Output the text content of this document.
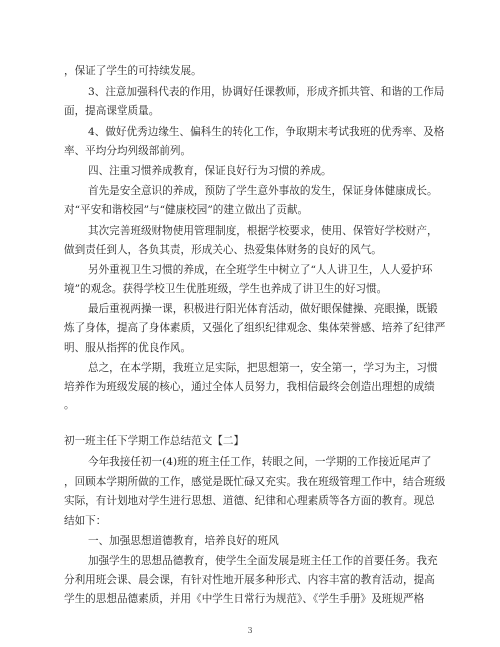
，保证了学生的可持续发展。
3、注意加强科代表的作用，协调好任课教师，形成齐抓共管、和谐的工作局
面，提高课堂质量。
4、做好优秀边缘生、偏科生的转化工作，争取期末考试我班的优秀率、及格
率、平均分均列级部前列。
四、注重习惯养成教育，保证良好行为习惯的养成。
首先是安全意识的养成，预防了学生意外事故的发生，保证身体健康成长。
对“平安和谐校园”与“健康校园”的建立做出了贡献。
其次完善班级财物使用管理制度，根据学校要求，使用、保管好学校财产，
做到责任到人，各负其责，形成关心、热爱集体财务的良好的风气。
另外重视卫生习惯的养成，在全班学生中树立了“人人讲卫生，人人爱护环
境”的观念。获得学校卫生优胜班级，学生也养成了讲卫生的好习惯。
最后重视两操一课，积极进行阳光体育活动，做好眼保健操、亮眼操，既锻
炼了身体，提高了身体素质，又强化了组织纪律观念、集体荣誉感、培养了纪律严
明、服从指挥的优良作风。
总之，在本学期，我班立足实际，把思想第一，安全第一，学习为主，习惯
培养作为班级发展的核心，通过全体人员努力，我相信最终会创造出理想的成绩
。
初一班主任下学期工作总结范文【二】
今年我接任初一(4)班的班主任工作，转眼之间，一学期的工作接近尾声了
，回顾本学期所做的工作，感觉是既忙碌又充实。我在班级管理工作中，结合班级
实际，有计划地对学生进行思想、道德、纪律和心理素质等各方面的教育。现总
结如下：
一、加强思想道德教育，培养良好的班风
加强学生的思想品德教育，使学生全面发展是班主任工作的首要任务。我充
分利用班会课、晨会课，有针对性地开展多种形式、内容丰富的教育活动，提高
学生的思想品德素质，并用《中学生日常行为规范》、《学生手册》及班规严格
3
